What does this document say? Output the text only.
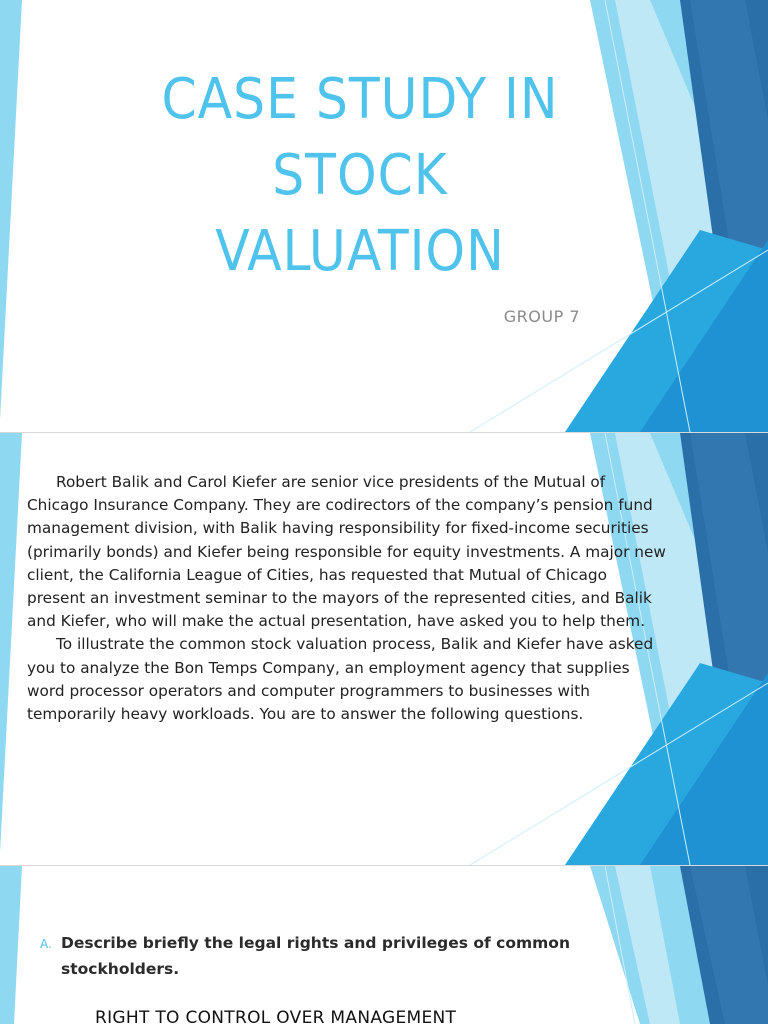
CASE STUDY IN
STOCK
VALUATION
GROUP 7

Robert Balik and Carol Kiefer are senior vice presidents of the Mutual of Chicago Insurance Company. They are codirectors of the company’s pension fund management division, with Balik having responsibility for fixed-income securities (primarily bonds) and Kiefer being responsible for equity investments. A major new client, the California League of Cities, has requested that Mutual of Chicago present an investment seminar to the mayors of the represented cities, and Balik and Kiefer, who will make the actual presentation, have asked you to help them.

To illustrate the common stock valuation process, Balik and Kiefer have asked you to analyze the Bon Temps Company, an employment agency that supplies word processor operators and computer programmers to businesses with temporarily heavy workloads. You are to answer the following questions.

A. Describe briefly the legal rights and privileges of common stockholders.
RIGHT TO CONTROL OVER MANAGEMENT
